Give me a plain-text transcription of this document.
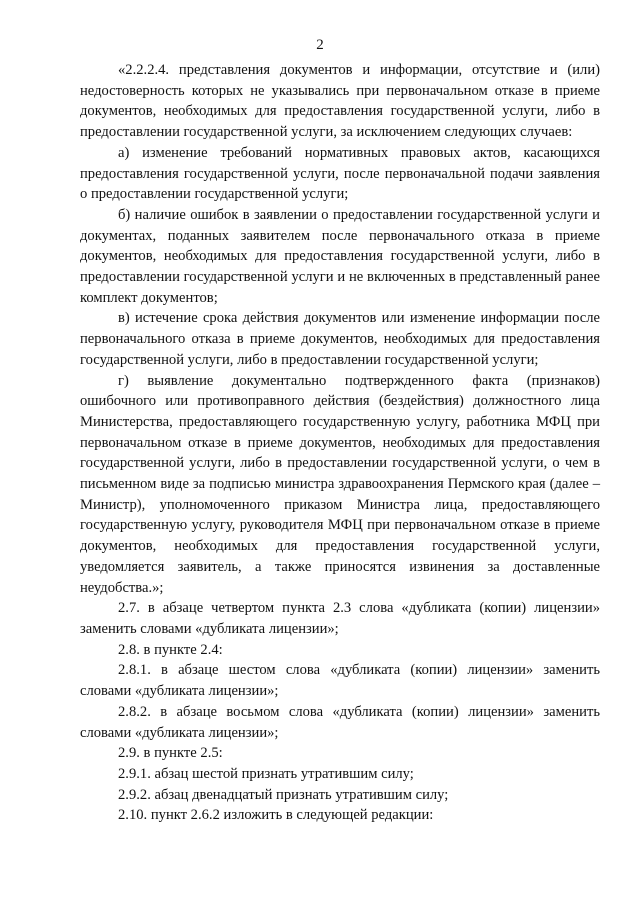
2

«2.2.2.4. представления документов и информации, отсутствие и (или) недостоверность которых не указывались при первоначальном отказе в приеме документов, необходимых для предоставления государственной услуги, либо в предоставлении государственной услуги, за исключением следующих случаев:

а) изменение требований нормативных правовых актов, касающихся предоставления государственной услуги, после первоначальной подачи заявления о предоставлении государственной услуги;

б) наличие ошибок в заявлении о предоставлении государственной услуги и документах, поданных заявителем после первоначального отказа в приеме документов, необходимых для предоставления государственной услуги, либо в предоставлении государственной услуги и не включенных в представленный ранее комплект документов;

в) истечение срока действия документов или изменение информации после первоначального отказа в приеме документов, необходимых для предоставления государственной услуги, либо в предоставлении государственной услуги;

г) выявление документально подтвержденного факта (признаков) ошибочного или противоправного действия (бездействия) должностного лица Министерства, предоставляющего государственную услугу, работника МФЦ при первоначальном отказе в приеме документов, необходимых для предоставления государственной услуги, либо в предоставлении государственной услуги, о чем в письменном виде за подписью министра здравоохранения Пермского края (далее – Министр), уполномоченного приказом Министра лица, предоставляющего государственную услугу, руководителя МФЦ при первоначальном отказе в приеме документов, необходимых для предоставления государственной услуги, уведомляется заявитель, а также приносятся извинения за доставленные неудобства.»;

2.7. в абзаце четвертом пункта 2.3 слова «дубликата (копии) лицензии» заменить словами «дубликата лицензии»;

2.8. в пункте 2.4:

2.8.1. в абзаце шестом слова «дубликата (копии) лицензии» заменить словами «дубликата лицензии»;

2.8.2. в абзаце восьмом слова «дубликата (копии) лицензии» заменить словами «дубликата лицензии»;

2.9. в пункте 2.5:

2.9.1. абзац шестой признать утратившим силу;

2.9.2. абзац двенадцатый признать утратившим силу;

2.10. пункт 2.6.2 изложить в следующей редакции:
